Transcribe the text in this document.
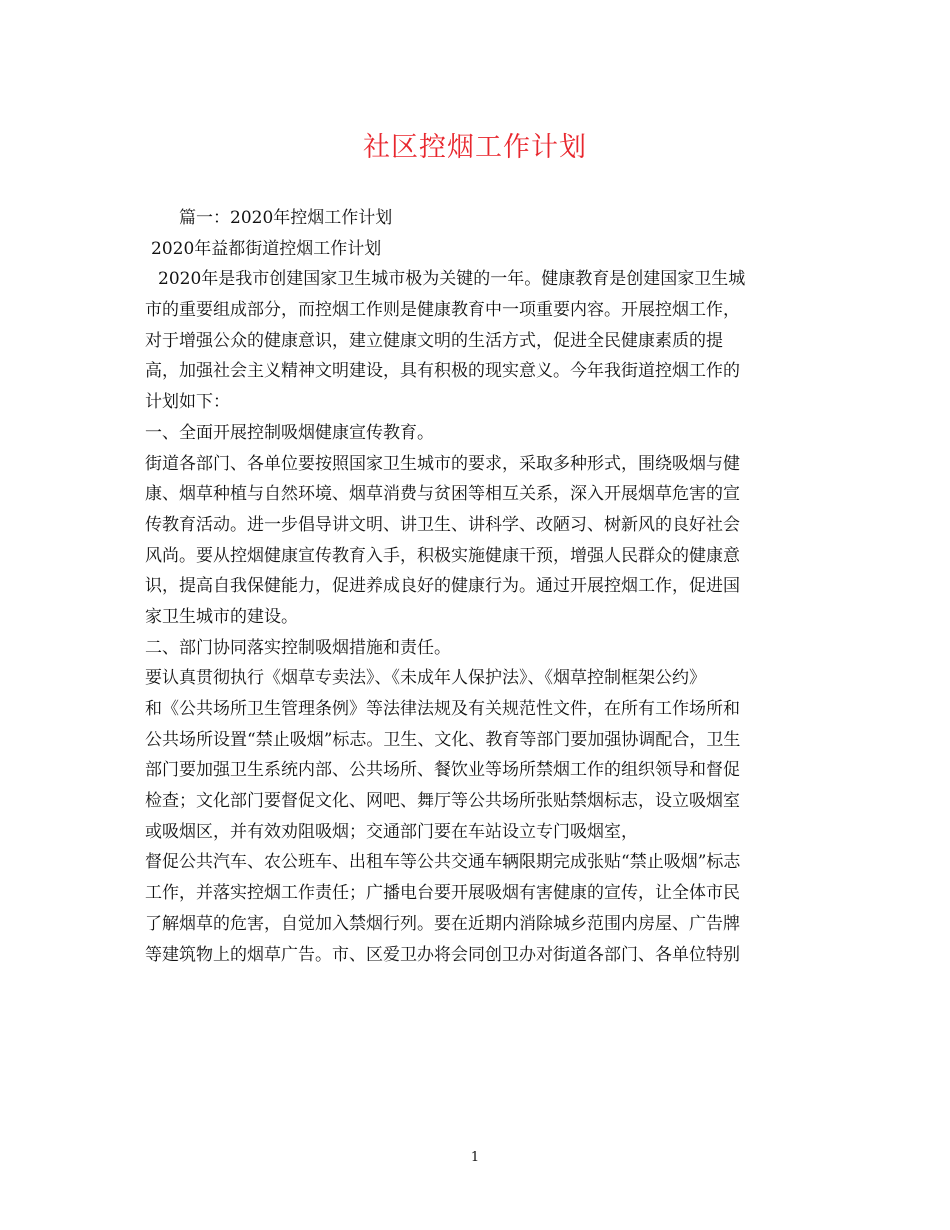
社区控烟工作计划
篇一：2020年控烟工作计划
2020年益都街道控烟工作计划
2020年是我市创建国家卫生城市极为关键的一年。健康教育是创建国家卫生城
市的重要组成部分，而控烟工作则是健康教育中一项重要内容。开展控烟工作，
对于增强公众的健康意识，建立健康文明的生活方式，促进全民健康素质的提
高，加强社会主义精神文明建设，具有积极的现实意义。今年我街道控烟工作的
计划如下：
一、全面开展控制吸烟健康宣传教育。
街道各部门、各单位要按照国家卫生城市的要求，采取多种形式，围绕吸烟与健
康、烟草种植与自然环境、烟草消费与贫困等相互关系，深入开展烟草危害的宣
传教育活动。进一步倡导讲文明、讲卫生、讲科学、改陋习、树新风的良好社会
风尚。要从控烟健康宣传教育入手，积极实施健康干预，增强人民群众的健康意
识，提高自我保健能力，促进养成良好的健康行为。通过开展控烟工作，促进国
家卫生城市的建设。
二、部门协同落实控制吸烟措施和责任。
要认真贯彻执行《烟草专卖法》、《未成年人保护法》、《烟草控制框架公约》
和《公共场所卫生管理条例》等法律法规及有关规范性文件，在所有工作场所和
公共场所设置“禁止吸烟”标志。卫生、文化、教育等部门要加强协调配合，卫生
部门要加强卫生系统内部、公共场所、餐饮业等场所禁烟工作的组织领导和督促
检查；文化部门要督促文化、网吧、舞厅等公共场所张贴禁烟标志，设立吸烟室
或吸烟区，并有效劝阻吸烟；交通部门要在车站设立专门吸烟室，
督促公共汽车、农公班车、出租车等公共交通车辆限期完成张贴“禁止吸烟”标志
工作，并落实控烟工作责任；广播电台要开展吸烟有害健康的宣传，让全体市民
了解烟草的危害，自觉加入禁烟行列。要在近期内消除城乡范围内房屋、广告牌
等建筑物上的烟草广告。市、区爱卫办将会同创卫办对街道各部门、各单位特别
1
